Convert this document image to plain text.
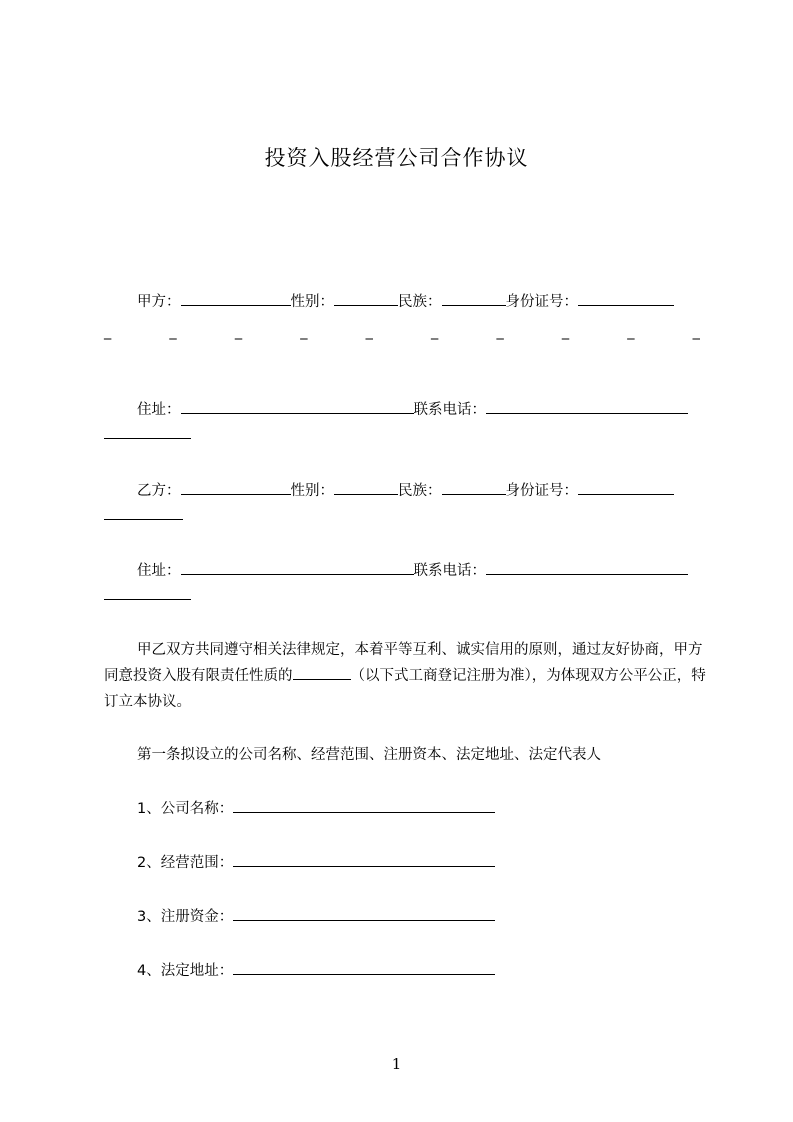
投资入股经营公司合作协议
甲方：	性别：	民族：	身份证号：
_	_	_	_	_	_	_	_	_	_
住址：	联系电话：
乙方：	性别：	民族：	身份证号：
住址：	联系电话：
甲乙双方共同遵守相关法律规定，本着平等互利、诚实信用的原则，通过友好协商，甲方同意投资入股有限责任性质的	（以下式工商登记注册为准），为体现双方公平公正，特订立本协议。
第一条拟设立的公司名称、经营范围、注册资本、法定地址、法定代表人
1、公司名称：
2、经营范围：
3、注册资金：
4、法定地址：
1
